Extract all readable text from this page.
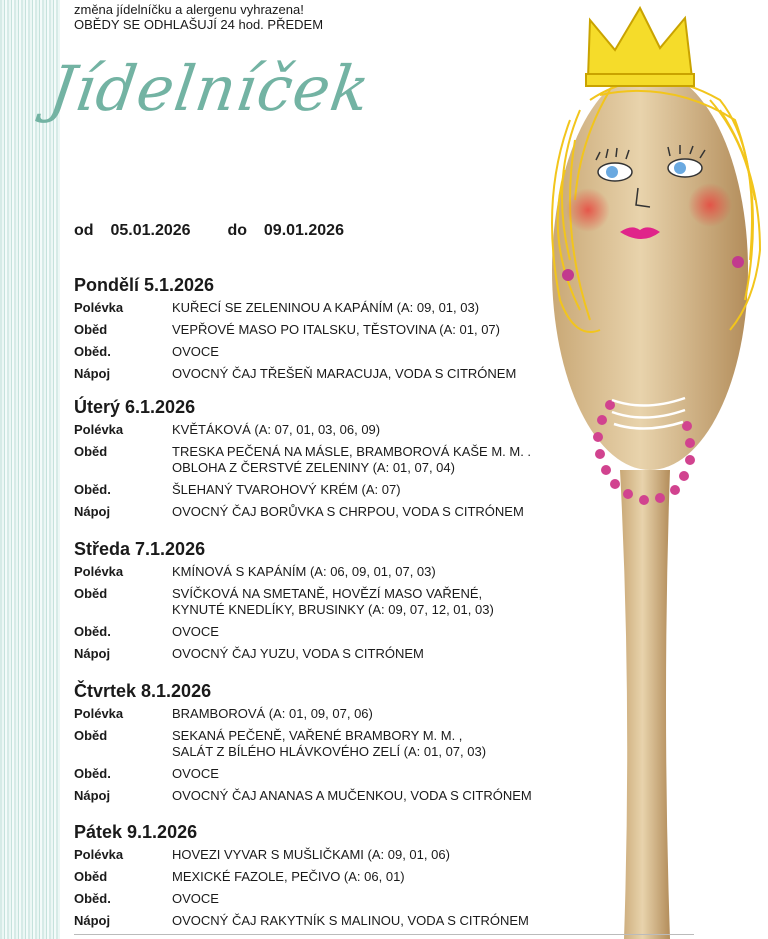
změna jídelníčku a alergenu vyhrazena!
OBĚDY SE ODHLAŠUJÍ 24 hod. PŘEDEM
Jídelníček
od 05.01.2026 do 09.01.2026
Pondělí 5.1.2026
Polévka	KUŘECÍ SE ZELENINOU A KAPÁNÍM (A: 09, 01, 03)
Oběd	VEPŘOVÉ MASO PO ITALSKU, TĚSTOVINA (A: 01, 07)
Oběd.	OVOCE
Nápoj	OVOCNÝ ČAJ TŘEŠEŇ MARACUJA, VODA S CITRÓNEM
Úterý 6.1.2026
Polévka	KVĚTÁKOVÁ (A: 07, 01, 03, 06, 09)
Oběd	TRESKA PEČENÁ NA MÁSLE, BRAMBOROVÁ KAŠE M. M. .
OBLOHA Z ČERSTVÉ ZELENINY (A: 01, 07, 04)
Oběd.	ŠLEHANÝ TVAROHOVÝ KRÉM (A: 07)
Nápoj	OVOCNÝ ČAJ BORŮVKA S CHRPOU, VODA S CITRÓNEM
Středa 7.1.2026
Polévka	KMÍNOVÁ S KAPÁNÍM (A: 06, 09, 01, 07, 03)
Oběd	SVÍČKOVÁ NA SMETANĚ, HOVĚZÍ MASO VAŘENÉ,
KYNUTÉ KNEDLÍKY, BRUSINKY (A: 09, 07, 12, 01, 03)
Oběd.	OVOCE
Nápoj	OVOCNÝ ČAJ YUZU, VODA S CITRÓNEM
Čtvrtek 8.1.2026
Polévka	BRAMBOROVÁ (A: 01, 09, 07, 06)
Oběd	SEKANÁ PEČENĚ, VAŘENÉ BRAMBORY M. M. ,
SALÁT Z BÍLÉHO HLÁVKOVÉHO ZELÍ (A: 01, 07, 03)
Oběd.	OVOCE
Nápoj	OVOCNÝ ČAJ ANANAS A MUČENKOU, VODA S CITRÓNEM
Pátek 9.1.2026
Polévka	HOVEZI VYVAR S MUŠLIČKAMI (A: 09, 01, 06)
Oběd	MEXICKÉ FAZOLE, PEČIVO (A: 06, 01)
Oběd.	OVOCE
Nápoj	OVOCNÝ ČAJ RAKYTNÍK S MALINOU, VODA S CITRÓNEM
